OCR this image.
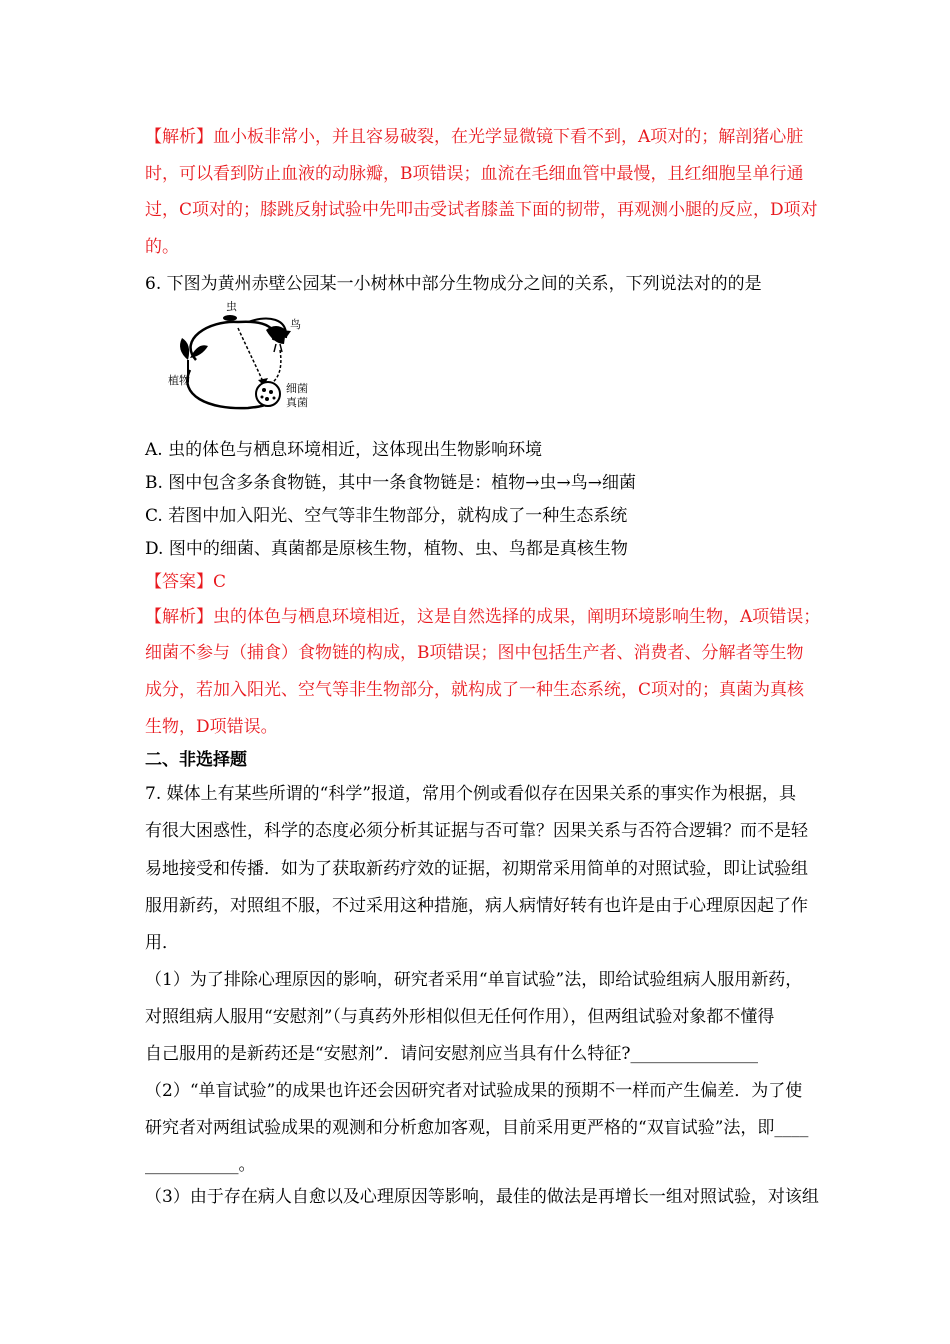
【解析】血小板非常小，并且容易破裂，在光学显微镜下看不到，A项对的；解剖猪心脏
时，可以看到防止血液的动脉瓣，B项错误；血流在毛细血管中最慢，且红细胞呈单行通
过，C项对的；膝跳反射试验中先叩击受试者膝盖下面的韧带，再观测小腿的反应，D项对
的。
6. 下图为黄州赤壁公园某一小树林中部分生物成分之间的关系，下列说法对的的是
虫
鸟
植物
细菌
真菌
A. 虫的体色与栖息环境相近，这体现出生物影响环境
B. 图中包含多条食物链，其中一条食物链是：植物→虫→鸟→细菌
C. 若图中加入阳光、空气等非生物部分，就构成了一种生态系统
D. 图中的细菌、真菌都是原核生物，植物、虫、鸟都是真核生物
【答案】C
【解析】虫的体色与栖息环境相近，这是自然选择的成果，阐明环境影响生物，A项错误；
细菌不参与（捕食）食物链的构成，B项错误；图中包括生产者、消费者、分解者等生物
成分，若加入阳光、空气等非生物部分，就构成了一种生态系统，C项对的；真菌为真核
生物，D项错误。
二、非选择题
7. 媒体上有某些所谓的“科学”报道，常用个例或看似存在因果关系的事实作为根据，具
有很大困惑性，科学的态度必须分析其证据与否可靠？因果关系与否符合逻辑？而不是轻
易地接受和传播．如为了获取新药疗效的证据，初期常采用简单的对照试验，即让试验组
服用新药，对照组不服，不过采用这种措施，病人病情好转有也许是由于心理原因起了作
用．
（1）为了排除心理原因的影响，研究者采用“单盲试验”法，即给试验组病人服用新药，
对照组病人服用“安慰剂”（与真药外形相似但无任何作用），但两组试验对象都不懂得
自己服用的是新药还是“安慰剂”．请问安慰剂应当具有什么特征?_______________
（2）“单盲试验”的成果也许还会因研究者对试验成果的预期不一样而产生偏差．为了使
研究者对两组试验成果的观测和分析愈加客观，目前采用更严格的“双盲试验”法，即____
___________。
（3）由于存在病人自愈以及心理原因等影响，最佳的做法是再增长一组对照试验，对该组
